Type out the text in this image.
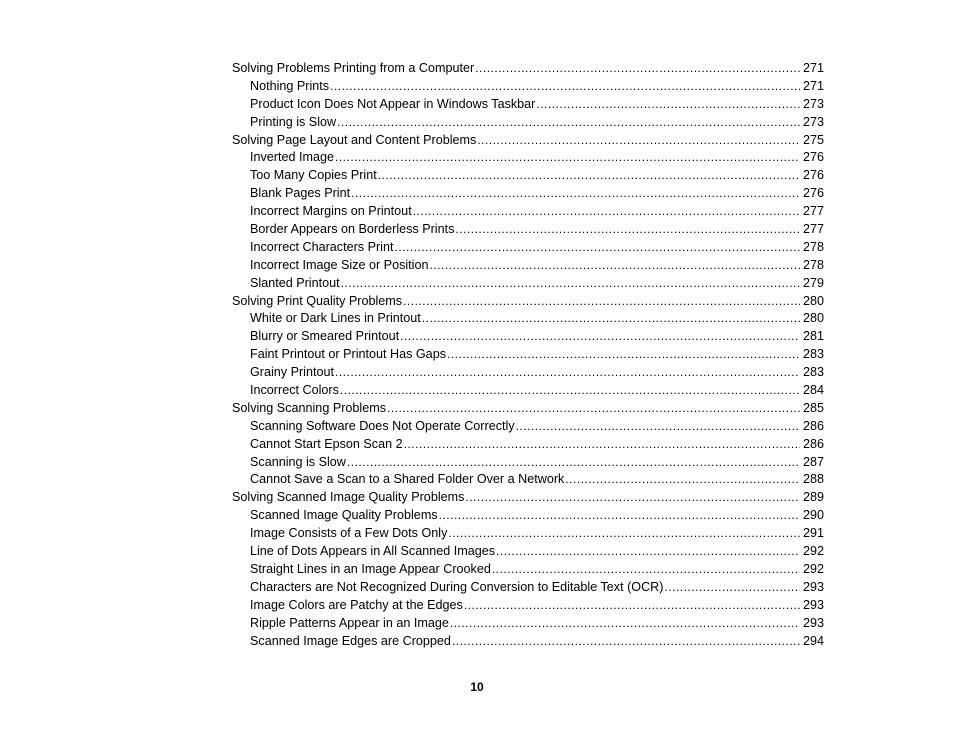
Solving Problems Printing from a Computer .....	271
Nothing Prints .....	271
Product Icon Does Not Appear in Windows Taskbar .....	273
Printing is Slow .....	273
Solving Page Layout and Content Problems .....	275
Inverted Image .....	276
Too Many Copies Print .....	276
Blank Pages Print .....	276
Incorrect Margins on Printout .....	277
Border Appears on Borderless Prints .....	277
Incorrect Characters Print .....	278
Incorrect Image Size or Position .....	278
Slanted Printout .....	279
Solving Print Quality Problems .....	280
White or Dark Lines in Printout .....	280
Blurry or Smeared Printout .....	281
Faint Printout or Printout Has Gaps .....	283
Grainy Printout .....	283
Incorrect Colors .....	284
Solving Scanning Problems .....	285
Scanning Software Does Not Operate Correctly .....	286
Cannot Start Epson Scan 2 .....	286
Scanning is Slow .....	287
Cannot Save a Scan to a Shared Folder Over a Network .....	288
Solving Scanned Image Quality Problems .....	289
Scanned Image Quality Problems .....	290
Image Consists of a Few Dots Only .....	291
Line of Dots Appears in All Scanned Images .....	292
Straight Lines in an Image Appear Crooked .....	292
Characters are Not Recognized During Conversion to Editable Text (OCR) .....	293
Image Colors are Patchy at the Edges .....	293
Ripple Patterns Appear in an Image .....	293
Scanned Image Edges are Cropped .....	294
10
